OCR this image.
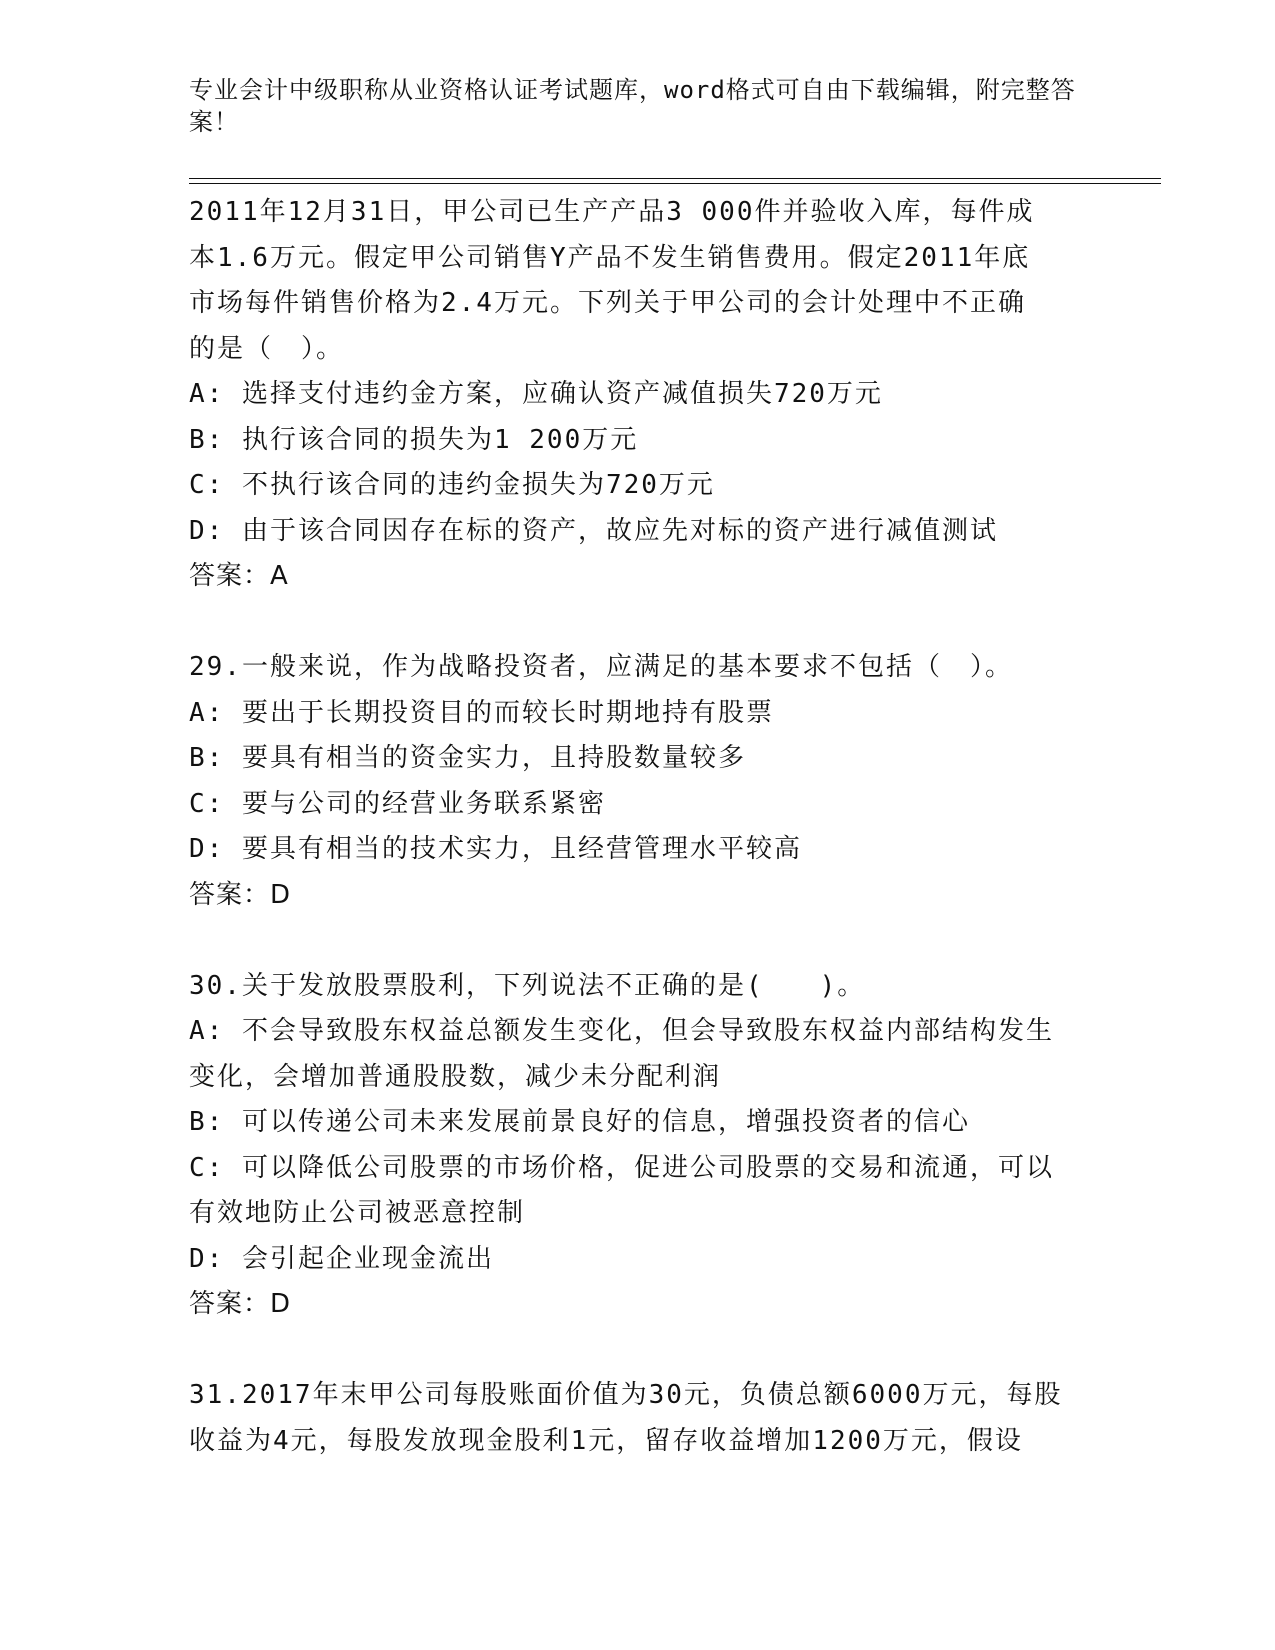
专业会计中级职称从业资格认证考试题库，word格式可自由下载编辑，附完整答
案！
2011年12月31日，甲公司已生产产品3 000件并验收入库，每件成
本1.6万元。假定甲公司销售Y产品不发生销售费用。假定2011年底
市场每件销售价格为2.4万元。下列关于甲公司的会计处理中不正确
的是（　）。
A: 选择支付违约金方案，应确认资产减值损失720万元
B: 执行该合同的损失为1 200万元
C: 不执行该合同的违约金损失为720万元
D: 由于该合同因存在标的资产，故应先对标的资产进行减值测试
答案：A
29.一般来说，作为战略投资者，应满足的基本要求不包括（　）。
A: 要出于长期投资目的而较长时期地持有股票
B: 要具有相当的资金实力，且持股数量较多
C: 要与公司的经营业务联系紧密
D: 要具有相当的技术实力，且经营管理水平较高
答案：D
30.关于发放股票股利，下列说法不正确的是(　　)。
A: 不会导致股东权益总额发生变化，但会导致股东权益内部结构发生
变化，会增加普通股股数，减少未分配利润
B: 可以传递公司未来发展前景良好的信息，增强投资者的信心
C: 可以降低公司股票的市场价格，促进公司股票的交易和流通，可以
有效地防止公司被恶意控制
D: 会引起企业现金流出
答案：D
31.2017年末甲公司每股账面价值为30元，负债总额6000万元，每股
收益为4元，每股发放现金股利1元，留存收益增加1200万元，假设
